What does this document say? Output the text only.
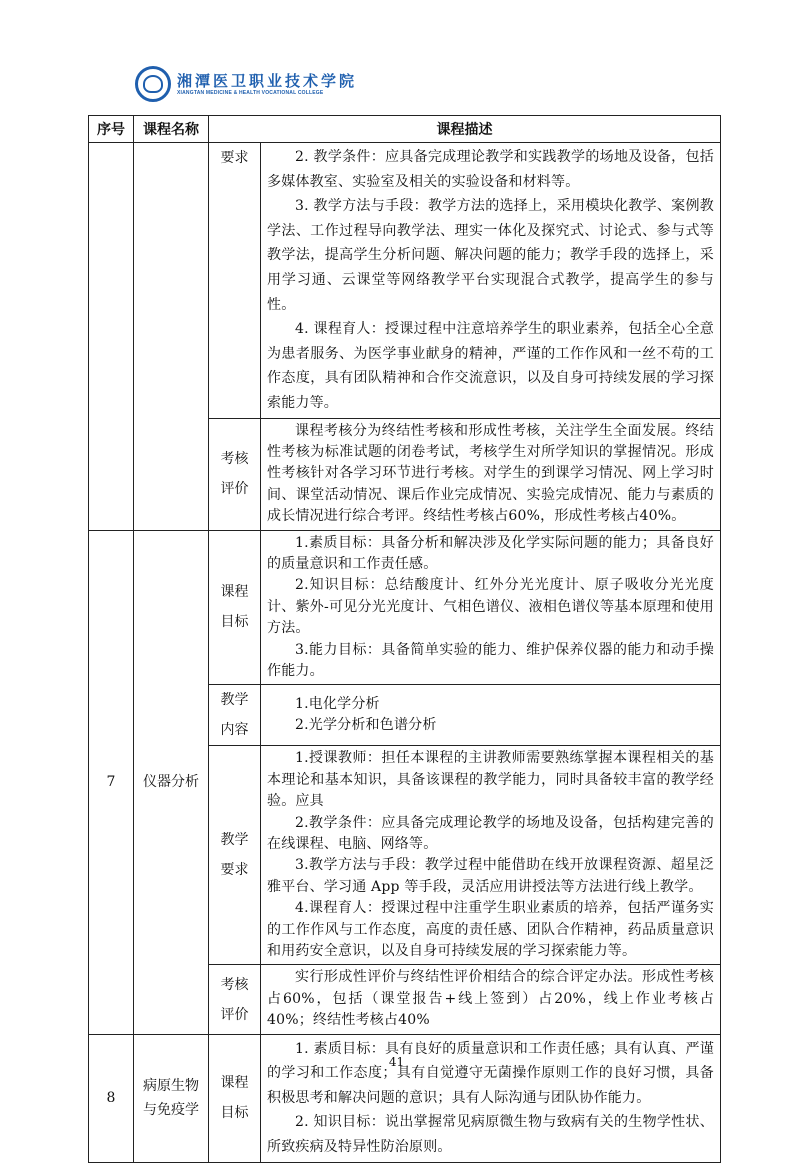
湘潭医卫职业技术学院
XIANGTAN MEDICINE & HEALTH VOCATIONAL COLLEGE
序号	课程名称	课程描述	
		要求	2. 教学条件：应具备完成理论教学和实践教学的场地及设备，包括多媒体教室、实验室及相关的实验设备和材料等。

3. 教学方法与手段：教学方法的选择上，采用模块化教学、案例教学法、工作过程导向教学法、理实一体化及探究式、讨论式、参与式等教学法，提高学生分析问题、解决问题的能力；教学手段的选择上，采用学习通、云课堂等网络教学平台实现混合式教学，提高学生的参与性。

4. 课程育人：授课过程中注意培养学生的职业素养，包括全心全意为患者服务、为医学事业献身的精神，严谨的工作作风和一丝不苟的工作态度，具有团队精神和合作交流意识，以及自身可持续发展的学习探索能力等。

		考核评价	课程考核分为终结性考核和形成性考核，关注学生全面发展。终结性考核为标准试题的闭卷考试，考核学生对所学知识的掌握情况。形成性考核针对各学习环节进行考核。对学生的到课学习情况、网上学习时间、课堂活动情况、课后作业完成情况、实验完成情况、能力与素质的成长情况进行综合考评。终结性考核占60%，形成性考核占40%。

7	仪器分析	课程目标	1.素质目标：具备分析和解决涉及化学实际问题的能力；具备良好的质量意识和工作责任感。

2.知识目标：总结酸度计、红外分光光度计、原子吸收分光光度计、紫外-可见分光光度计、气相色谱仪、液相色谱仪等基本原理和使用方法。

3.能力目标：具备简单实验的能力、维护保养仪器的能力和动手操作能力。

		教学内容	1.电化学分析

2.光学分析和色谱分析

		教学要求	1.授课教师：担任本课程的主讲教师需要熟练掌握本课程相关的基本理论和基本知识，具备该课程的教学能力，同时具备较丰富的教学经验。应具

2.教学条件：应具备完成理论教学的场地及设备，包括构建完善的在线课程、电脑、网络等。

3.教学方法与手段：教学过程中能借助在线开放课程资源、超星泛雅平台、学习通 App 等手段，灵活应用讲授法等方法进行线上教学。

4.课程育人：授课过程中注重学生职业素质的培养，包括严谨务实的工作作风与工作态度，高度的责任感、团队合作精神，药品质量意识和用药安全意识，以及自身可持续发展的学习探索能力等。

		考核评价	实行形成性评价与终结性评价相结合的综合评定办法。形成性考核占60%，包括（课堂报告+线上签到）占20%，线上作业考核占40%；终结性考核占40%

8	病原生物与免疫学	课程目标	1. 素质目标：具有良好的质量意识和工作责任感；具有认真、严谨的学习和工作态度；具有自觉遵守无菌操作原则工作的良好习惯，具备积极思考和解决问题的意识；具有人际沟通与团队协作能力。

2. 知识目标：说出掌握常见病原微生物与致病有关的生物学性状、所致疾病及特异性防治原则。

41
